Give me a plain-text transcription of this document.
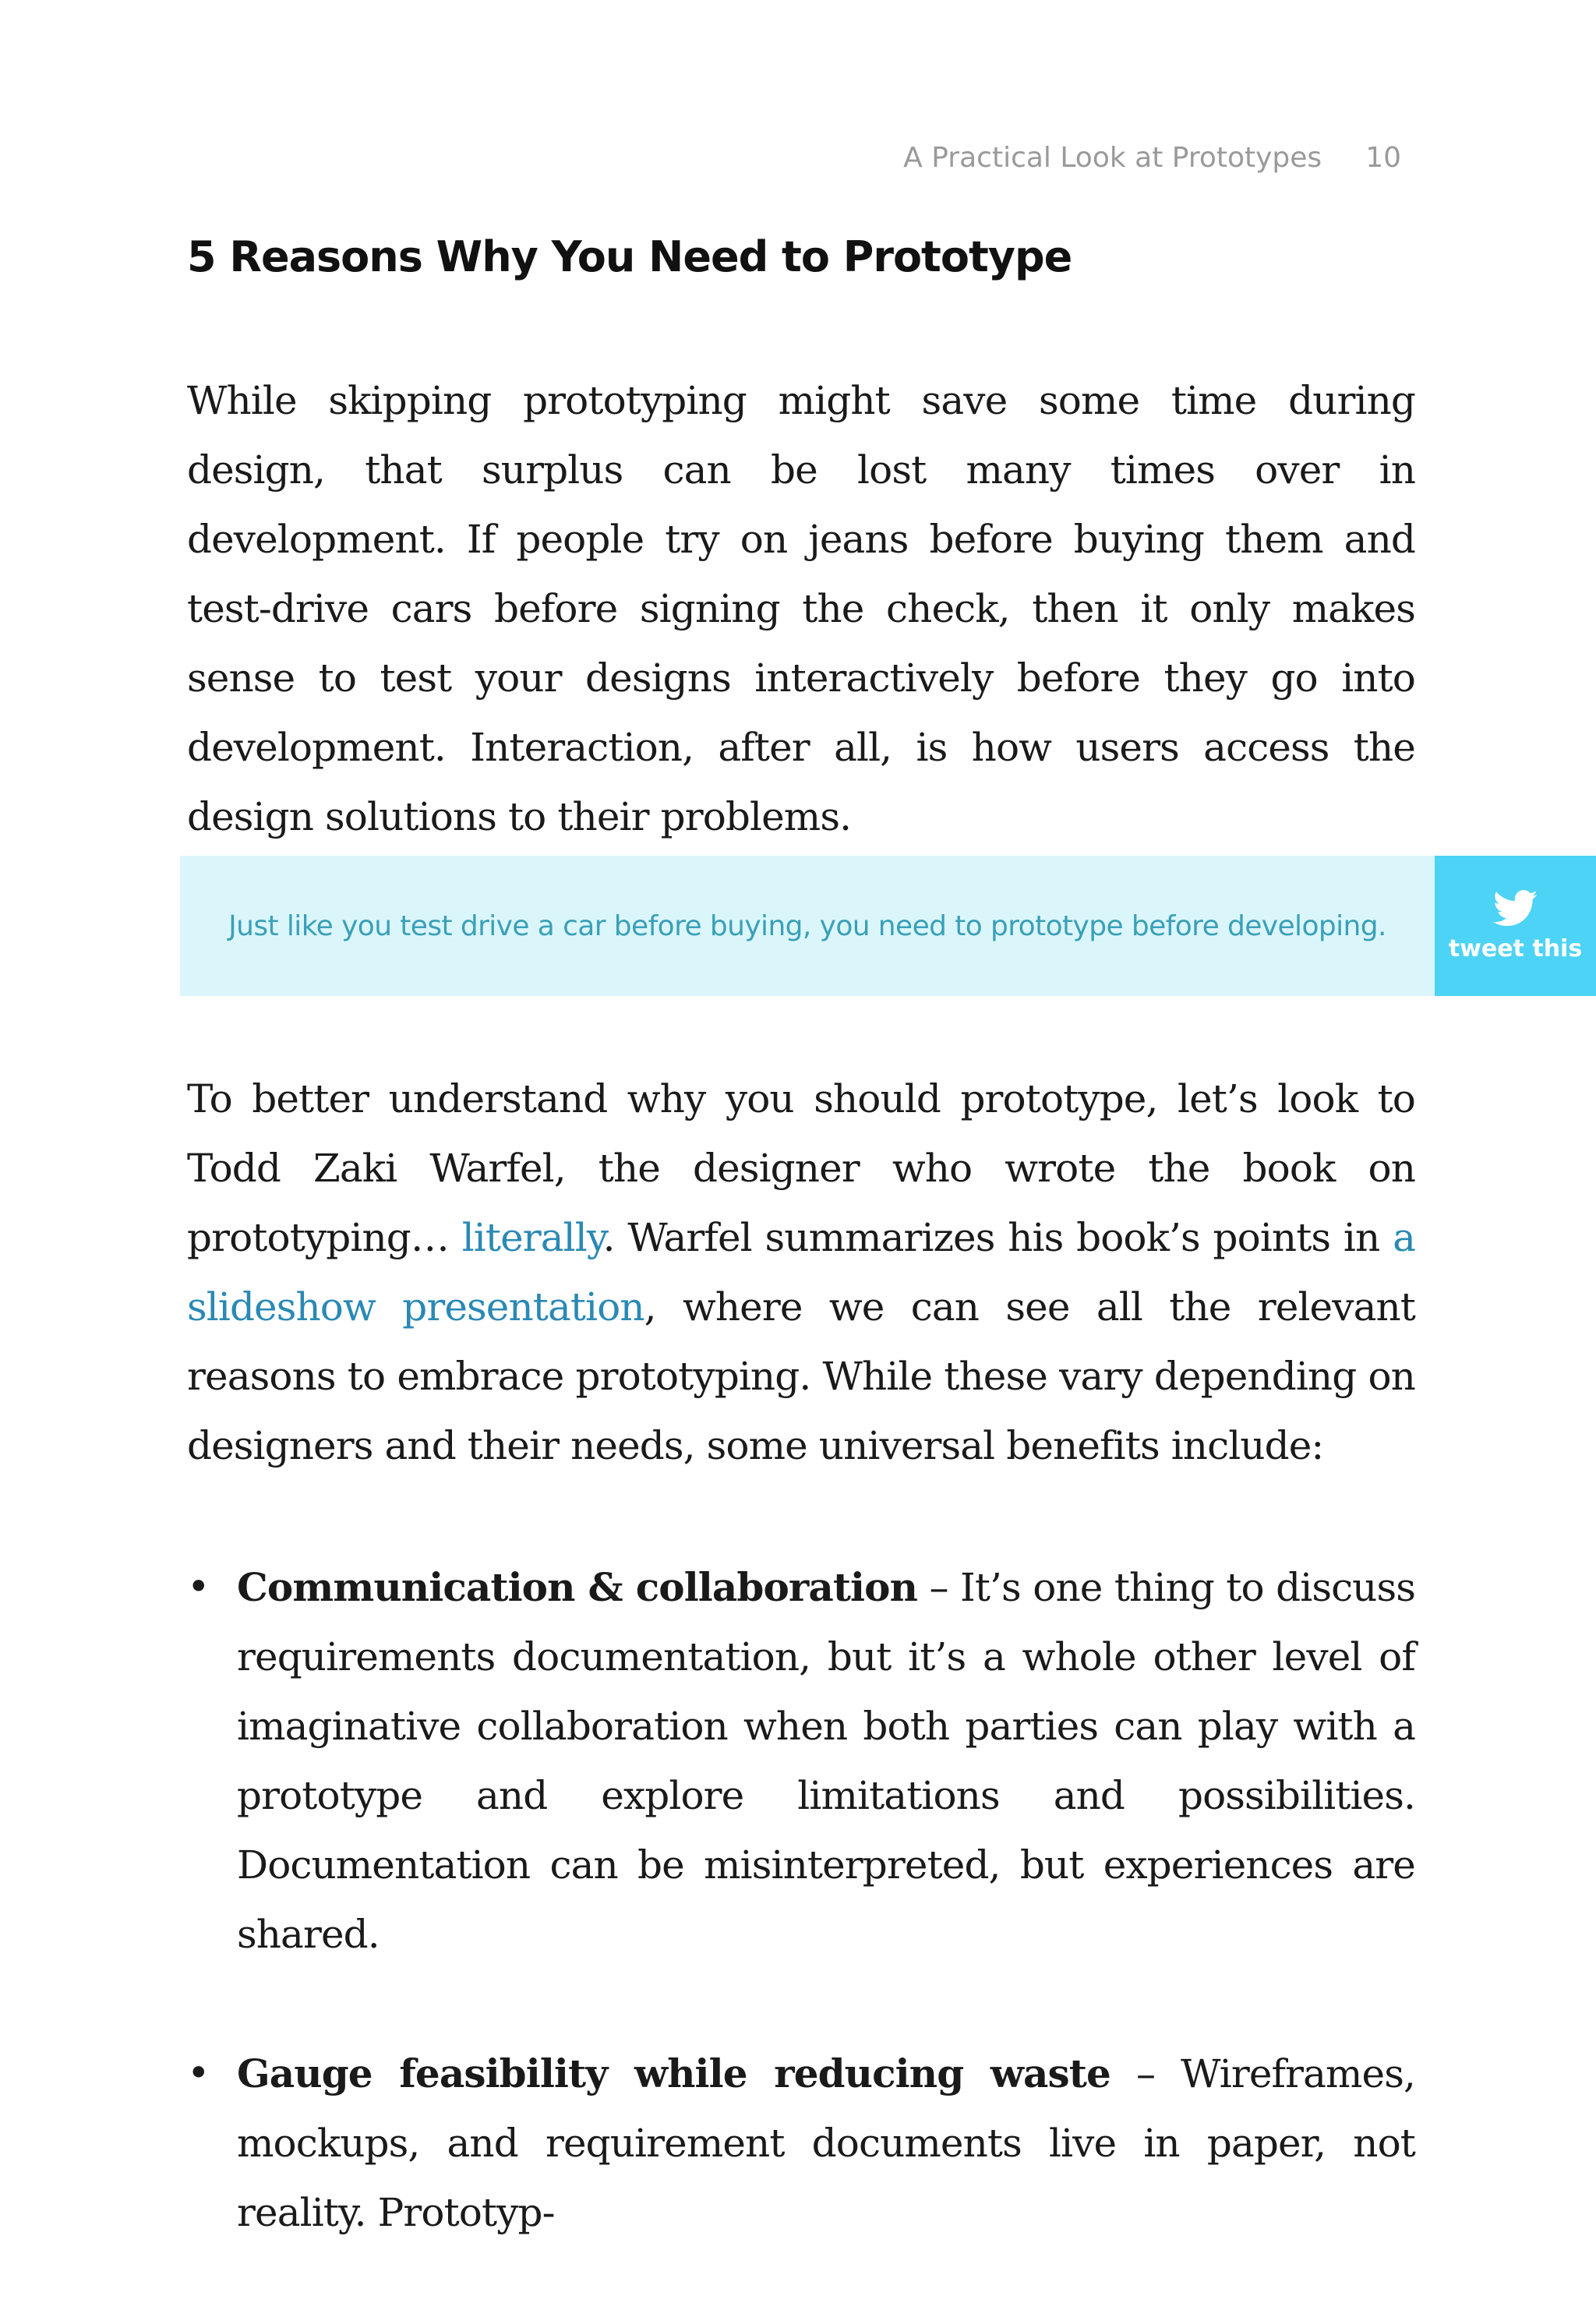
A Practical Look at Prototypes 10
5 Reasons Why You Need to Prototype

While skipping prototyping might save some time during design, that surplus can be lost many times over in development. If people try on jeans before buying them and test-drive cars before signing the check, then it only makes sense to test your designs interactively before they go into development. Interaction, after all, is how users access the design solutions to their problems.

Just like you test drive a car before buying, you need to prototype before developing.
tweet this

To better understand why you should prototype, let’s look to Todd Zaki Warfel, the designer who wrote the book on prototyping… literally. Warfel summarizes his book’s points in a slideshow presentation, where we can see all the relevant reasons to embrace prototyping. While these vary depending on designers and their needs, some universal benefits include:

• Communication & collaboration – It’s one thing to discuss requirements documentation, but it’s a whole other level of imaginative collaboration when both parties can play with a prototype and explore limitations and possibilities. Documentation can be misinterpreted, but experiences are shared.
• Gauge feasibility while reducing waste – Wireframes, mockups, and requirement documents live in paper, not reality. Prototyp-
